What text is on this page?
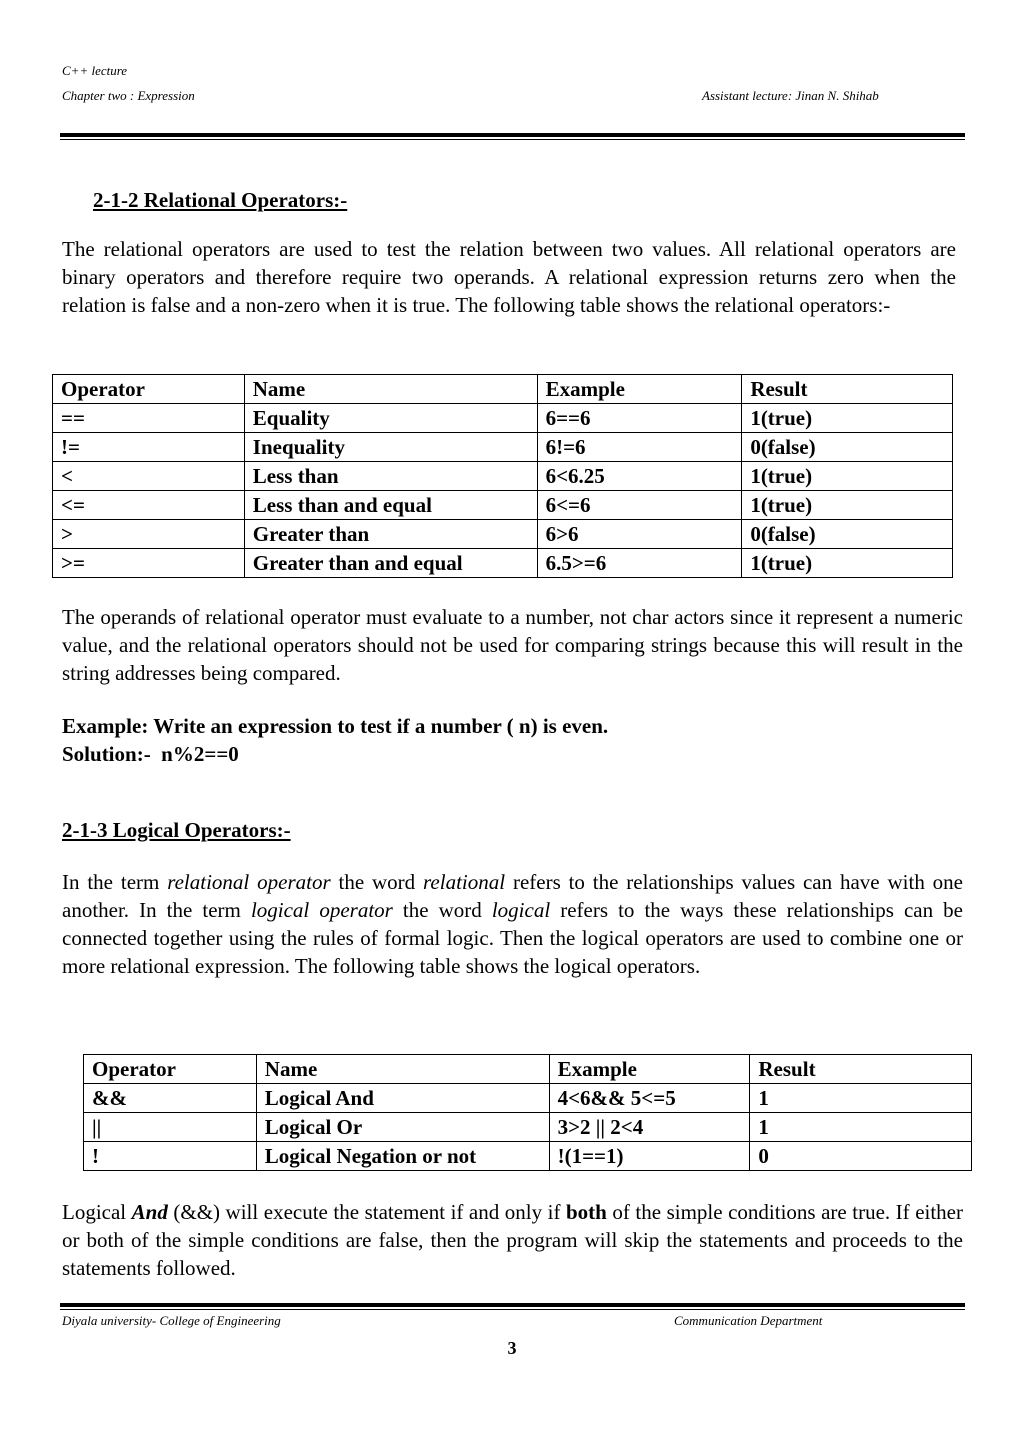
C++ lecture
Chapter two : Expression	Assistant lecture: Jinan N. Shihab
2-1-2 Relational Operators:-
The relational operators are used to test the relation between two values. All relational operators are binary operators and therefore require two operands. A relational expression returns zero when the relation is false and a non-zero when it is true. The following table shows the relational operators:-
Operator	Name	Example	Result
==	Equality	6==6	1(true)
!=	Inequality	6!=6	0(false)
<	Less than	6<6.25	1(true)
<=	Less than and equal	6<=6	1(true)
>	Greater than	6>6	0(false)
>=	Greater than and equal	6.5>=6	1(true)
The operands of relational operator must evaluate to a number, not char actors since it represent a numeric value, and the relational operators should not be used for comparing strings because this will result in the string addresses being compared.
Example: Write an expression to test if a number ( n) is even.
Solution:-  n%2==0
2-1-3 Logical Operators:-
In the term relational operator the word relational refers to the relationships values can have with one another. In the term logical operator the word logical refers to the ways these relationships can be connected together using the rules of formal logic. Then the logical operators are used to combine one or more relational expression. The following table shows the logical operators.
Operator	Name	Example	Result
&&	Logical And	4<6&& 5<=5	1
||	Logical Or	3>2 || 2<4	1
!	Logical Negation or not	!(1==1)	0
Logical And (&&) will execute the statement if and only if both of the simple conditions are true. If either or both of the simple conditions are false, then the program will skip the statements and proceeds to the statements followed.
Diyala university- College of Engineering	Communication Department
3
